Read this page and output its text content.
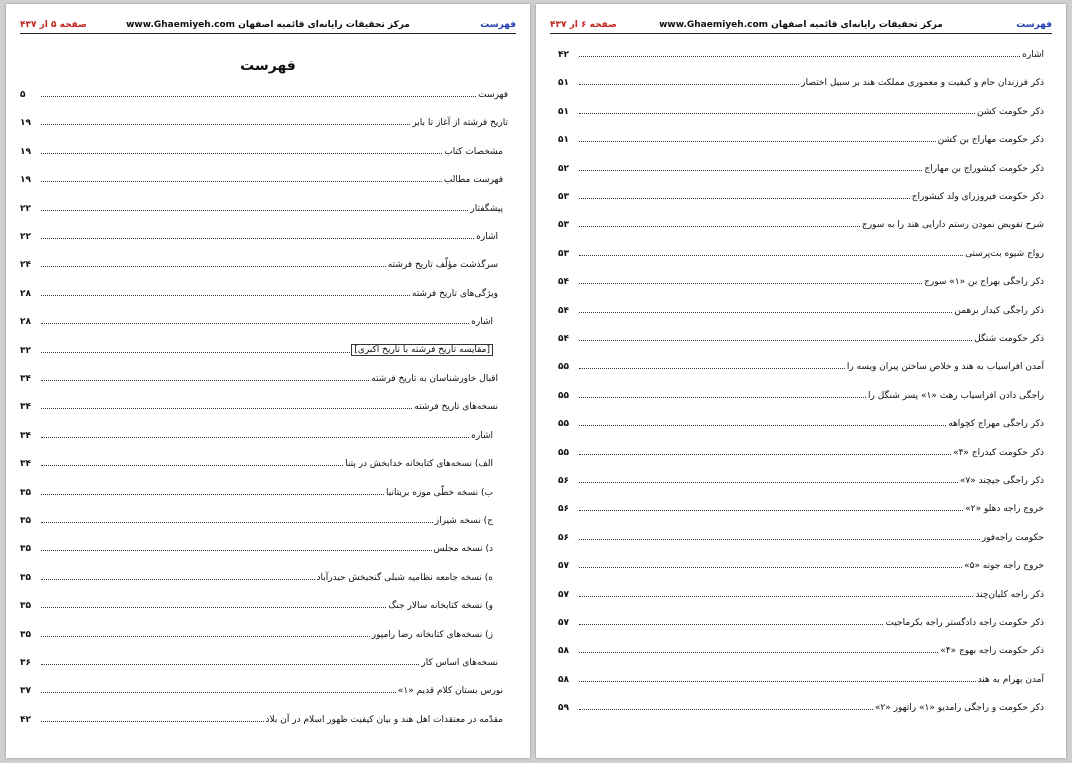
فهرست
مرکز تحقیقات رایانه‌ای قائمیه اصفهان www.Ghaemiyeh.com
صفحه ۵ از ۴۳۷
فهرست
فهرست
۵
تاریخ فرشته از آغاز تا بابر
۱۹
مشخصات کتاب
۱۹
فهرست مطالب
۱۹
پیشگفتار
۲۲
اشاره
۲۲
سرگذشت مؤلّف تاریخ فرشته
۲۴
ویژگی‌های تاریخ فرشته
۲۸
اشاره
۲۸
[مقایسه تاریخ فرشته با تاریخ اکبری]
۳۲
اقبال خاورشناسان به تاریخ فرشته
۳۴
نسخه‌های تاریخ فرشته
۳۴
اشاره
۳۴
الف) نسخه‌های کتابخانه خدابخش در پتنا
۳۴
ب) نسخه خطّی موزه بریتانیا
۳۵
ج) نسخه شیراز
۳۵
د) نسخه مجلس
۳۵
ه) نسخه جامعه نظامیه شبلی گنجبخش حیدرآباد
۳۵
و) نسخه کتابخانه سالار جنگ
۳۵
ز) نسخه‌های کتابخانه رضا رامپور
۳۵
نسخه‌های اساس کار
۳۶
نورس بستان کلام قدیم «۱»
۳۷
مقدّمه در معتقدات اهل هند و بیان کیفیت ظهور اسلام در آن بلاد
۴۲
فهرست
مرکز تحقیقات رایانه‌ای قائمیه اصفهان www.Ghaemiyeh.com
صفحه ۶ از ۴۳۷
اشاره
۴۲
ذکر فرزندان حام و کیفیت و معموری مملکت هند بر سبیل اختصار
۵۱
ذکر حکومت کشن
۵۱
ذکر حکومت مهاراج بن کشن
۵۱
ذکر حکومت کیشوراج بن مهاراج
۵۲
ذکر حکومت فیروزرای ولد کیشوراج
۵۳
شرح تفویض نمودن رستم دارایی هند را به سورج
۵۳
رواج شیوه بت‌پرستی
۵۳
ذکر راجگی بهراج بن «۱» سورج
۵۴
ذکر راجگی کیدار برهمن
۵۴
ذکر حکومت شنگل
۵۴
آمدن افراسیاب به هند و خلاص ساختن پیران ویسه را
۵۵
راجگی دادن افراسیاب رهت «۱» پسر شنگل را
۵۵
ذکر راجگی مهراج کچواهه
۵۵
ذکر حکومت کیدراج «۴»
۵۵
ذکر راجگی جیچند «۷»
۵۶
خروج راجه دهلو «۲»
۵۶
حکومت راجه‌فور
۵۶
خروج راجه جونه «۵»
۵۷
ذکر راجه کلیان‌چند
۵۷
ذکر حکومت راجه دادگستر راجه بکرماجیت
۵۷
ذکر حکومت راجه بهوج «۴»
۵۸
آمدن بهرام به هند
۵۸
ذکر حکومت و راجگی رامدیو «۱» راتهور «۲»
۵۹
